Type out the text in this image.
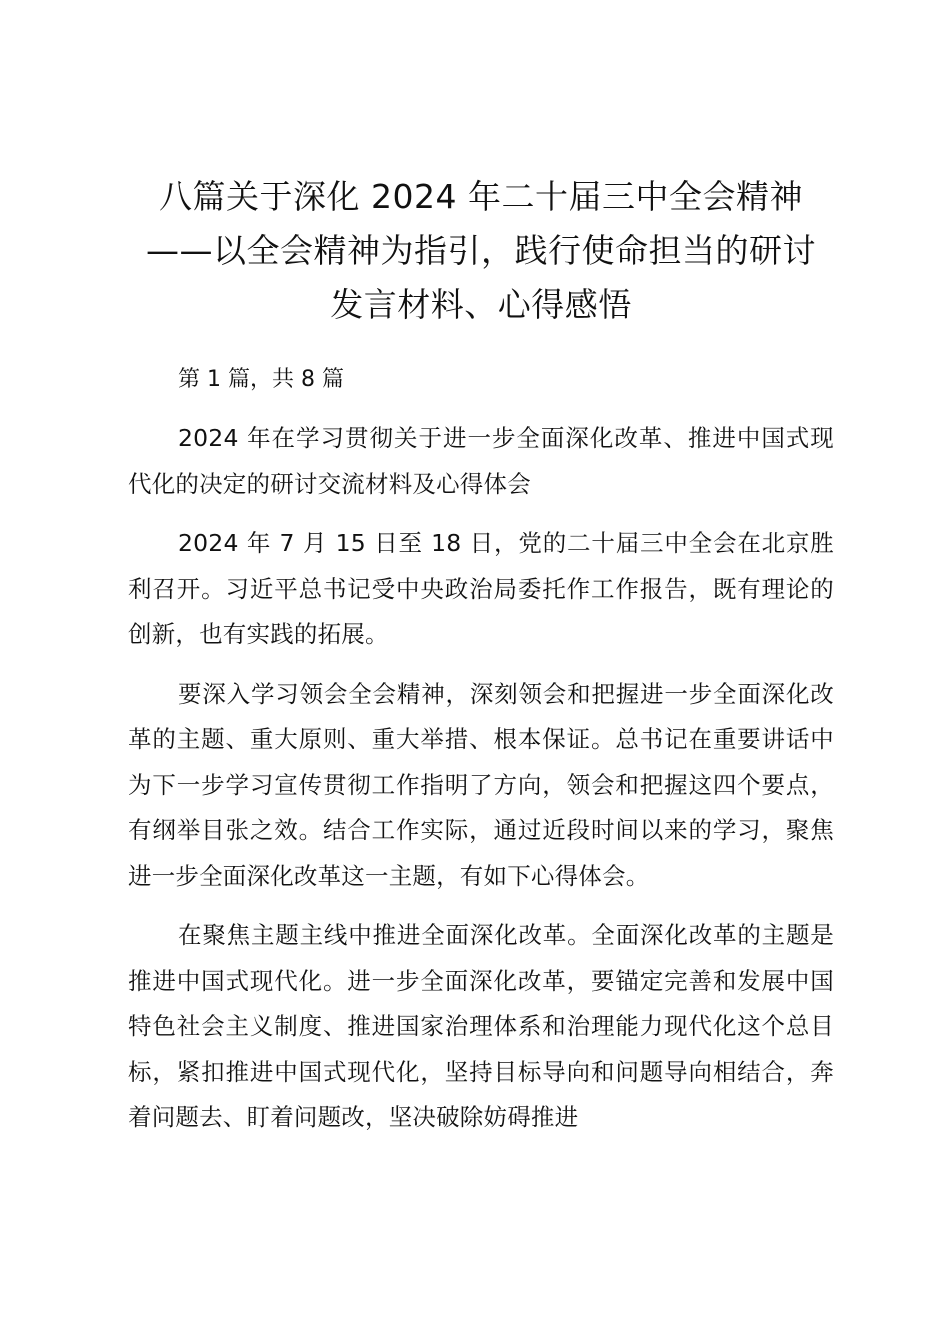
八篇关于深化 2024 年二十届三中全会精神
——以全会精神为指引，践行使命担当的研讨
发言材料、心得感悟

第 1 篇，共 8 篇

2024 年在学习贯彻关于进一步全面深化改革、推进中国式现代化的决定的研讨交流材料及心得体会

2024 年 7 月 15 日至 18 日，党的二十届三中全会在北京胜利召开。习近平总书记受中央政治局委托作工作报告，既有理论的创新，也有实践的拓展。

要深入学习领会全会精神，深刻领会和把握进一步全面深化改革的主题、重大原则、重大举措、根本保证。总书记在重要讲话中为下一步学习宣传贯彻工作指明了方向，领会和把握这四个要点，有纲举目张之效。结合工作实际，通过近段时间以来的学习，聚焦进一步全面深化改革这一主题，有如下心得体会。

在聚焦主题主线中推进全面深化改革。全面深化改革的主题是推进中国式现代化。进一步全面深化改革，要锚定完善和发展中国特色社会主义制度、推进国家治理体系和治理能力现代化这个总目标，紧扣推进中国式现代化，坚持目标导向和问题导向相结合，奔着问题去、盯着问题改，坚决破除妨碍推进
